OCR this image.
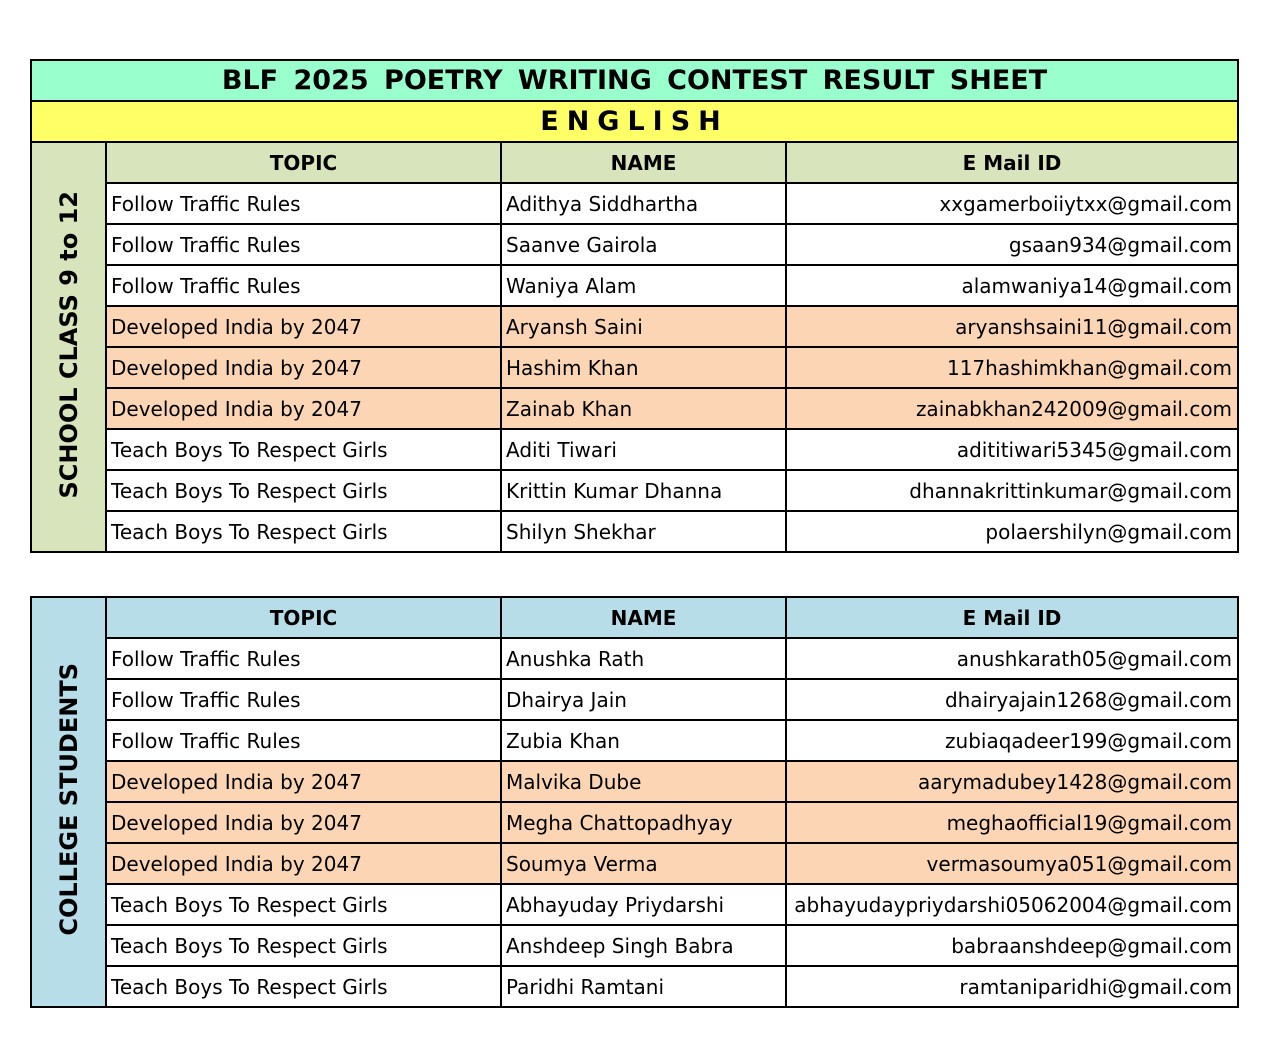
BLF 2025 POETRY WRITING CONTEST RESULT SHEET			
ENGLISH			
SCHOOL CLASS 9 to 12	TOPIC	NAME	E Mail ID
	Follow Traffic Rules	Adithya Siddhartha	xxgamerboiiytxx@gmail.com
	Follow Traffic Rules	Saanve Gairola	gsaan934@gmail.com
	Follow Traffic Rules	Waniya Alam	alamwaniya14@gmail.com
	Developed India by 2047	Aryansh Saini	aryanshsaini11@gmail.com
	Developed India by 2047	Hashim Khan	117hashimkhan@gmail.com
	Developed India by 2047	Zainab Khan	zainabkhan242009@gmail.com
	Teach Boys To Respect Girls	Aditi Tiwari	adititiwari5345@gmail.com
	Teach Boys To Respect Girls	Krittin Kumar Dhanna	dhannakrittinkumar@gmail.com
	Teach Boys To Respect Girls	Shilyn Shekhar	polaershilyn@gmail.com
COLLEGE STUDENTS	TOPIC	NAME	E Mail ID
	Follow Traffic Rules	Anushka Rath	anushkarath05@gmail.com
	Follow Traffic Rules	Dhairya Jain	dhairyajain1268@gmail.com
	Follow Traffic Rules	Zubia Khan	zubiaqadeer199@gmail.com
	Developed India by 2047	Malvika Dube	aarymadubey1428@gmail.com
	Developed India by 2047	Megha Chattopadhyay	meghaofficial19@gmail.com
	Developed India by 2047	Soumya Verma	vermasoumya051@gmail.com
	Teach Boys To Respect Girls	Abhayuday Priydarshi	abhayudaypriydarshi05062004@gmail.com
	Teach Boys To Respect Girls	Anshdeep Singh Babra	babraanshdeep@gmail.com
	Teach Boys To Respect Girls	Paridhi Ramtani	ramtaniparidhi@gmail.com
